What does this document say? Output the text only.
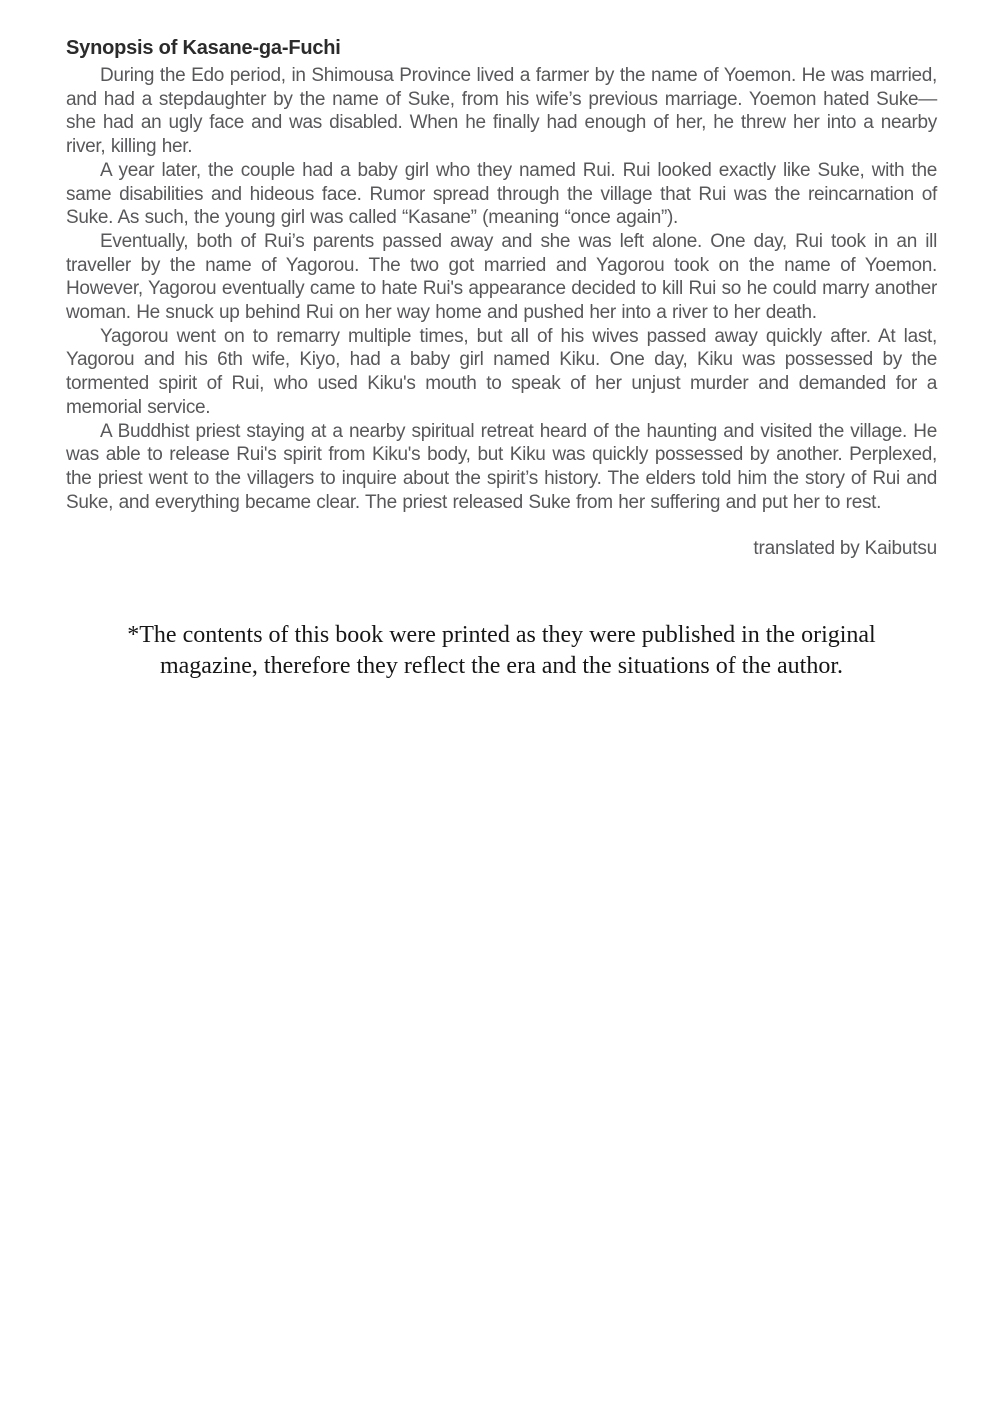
Synopsis of Kasane-ga-Fuchi

During the Edo period, in Shimousa Province lived a farmer by the name of Yoemon. He was married, and had a stepdaughter by the name of Suke, from his wife’s previous marriage. Yoemon hated Suke—she had an ugly face and was disabled. When he finally had enough of her, he threw her into a nearby river, killing her.

A year later, the couple had a baby girl who they named Rui. Rui looked exactly like Suke, with the same disabilities and hideous face. Rumor spread through the village that Rui was the reincarnation of Suke. As such, the young girl was called “Kasane” (meaning “once again”).

Eventually, both of Rui’s parents passed away and she was left alone. One day, Rui took in an ill traveller by the name of Yagorou. The two got married and Yagorou took on the name of Yoemon. However, Yagorou eventually came to hate Rui's appearance decided to kill Rui so he could marry another woman. He snuck up behind Rui on her way home and pushed her into a river to her death.

Yagorou went on to remarry multiple times, but all of his wives passed away quickly after. At last, Yagorou and his 6th wife, Kiyo, had a baby girl named Kiku. One day, Kiku was possessed by the tormented spirit of Rui, who used Kiku's mouth to speak of her unjust murder and demanded for a memorial service.

A Buddhist priest staying at a nearby spiritual retreat heard of the haunting and visited the village. He was able to release Rui's spirit from Kiku's body, but Kiku was quickly possessed by another. Perplexed, the priest went to the villagers to inquire about the spirit’s history. The elders told him the story of Rui and Suke, and everything became clear. The priest released Suke from her suffering and put her to rest.

translated by Kaibutsu

*The contents of this book were printed as they were published in the original
magazine, therefore they reflect the era and the situations of the author.
